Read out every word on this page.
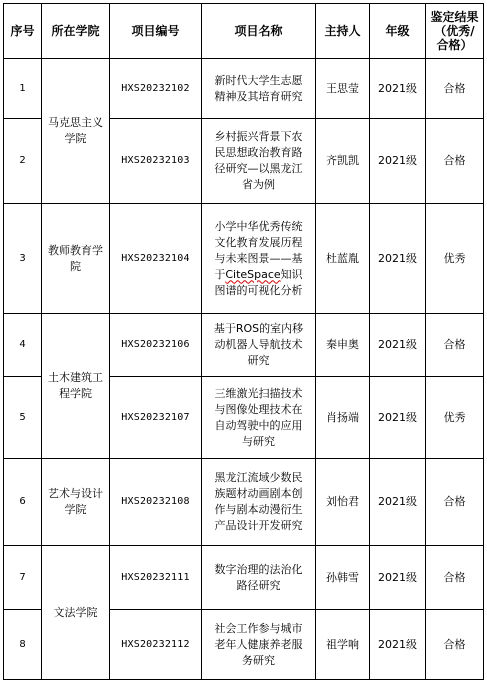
序号	所在学院	项目编号	项目名称	主持人	年级	鉴定结果（优秀/合格）
1	马克思主义学院	HXS20232102	新时代大学生志愿精神及其培育研究	王思莹	2021级	合格
2		HXS20232103	乡村振兴背景下农民思想政治教育路径研究—以黑龙江省为例	齐凯凯	2021级	合格
3	教师教育学院	HXS20232104	小学中华优秀传统文化教育发展历程与未来图景——基于CiteSpace知识图谱的可视化分析	杜蓝胤	2021级	优秀
4	土木建筑工程学院	HXS20232106	基于ROS的室内移动机器人导航技术研究	秦申奥	2021级	合格
5		HXS20232107	三维激光扫描技术与图像处理技术在自动驾驶中的应用与研究	肖扬端	2021级	优秀
6	艺术与设计学院	HXS20232108	黑龙江流域少数民族题材动画剧本创作与剧本动漫衍生产品设计开发研究	刘怡君	2021级	合格
7	文法学院	HXS20232111	数字治理的法治化路径研究	孙韩雪	2021级	合格
8		HXS20232112	社会工作参与城市老年人健康养老服务研究	祖学响	2021级	合格
